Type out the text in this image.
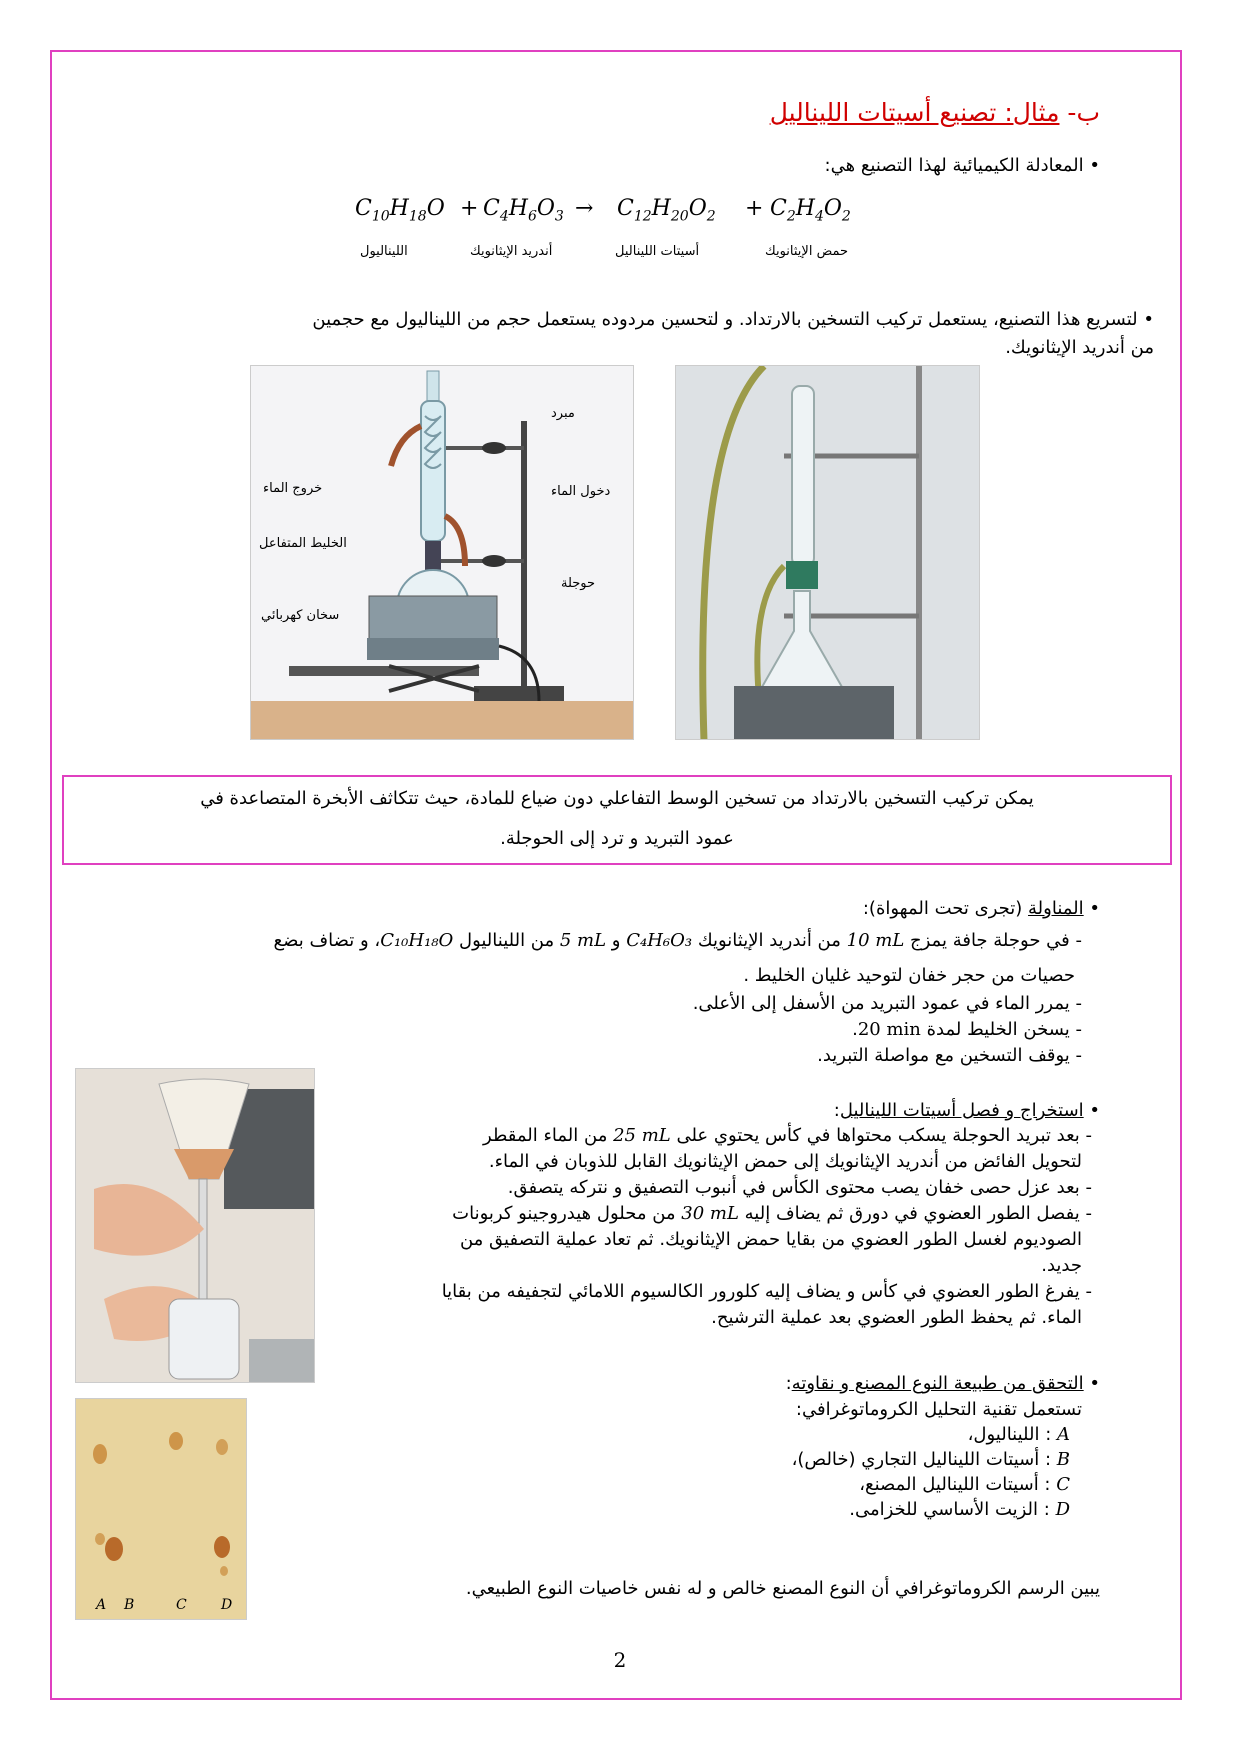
ب- مثال: تصنيع أسيتات الليناليل
• المعادلة الكيميائية لهذا التصنيع هي:
$C_{10}H_{18}O + C_4H_6O_3 \to C_{12}H_{20}O_2 + C_2H_4O_2$
الليناليول	أندريد الإيثانويك	أسيتات الليناليل	حمض الإيثانويك
• لتسريع هذا التصنيع، يستعمل تركيب التسخين بالارتداد. و لتحسين مردوده يستعمل حجم من الليناليول مع حجمين
من أندريد الإيثانويك.
مبرد
خروج الماء	دخول الماء
الخليط المتفاعل
حوجلة
سخان كهربائي
يمكن تركيب التسخين بالارتداد من تسخين الوسط التفاعلي دون ضياع للمادة، حيث تتكاثف الأبخرة المتصاعدة في
عمود التبريد و ترد إلى الحوجلة.
• المناولة (تجرى تحت المهواة):
- في حوجلة جافة يمزج 10 mL من أندريد الإيثانويك C₄H₆O₃ و 5 mL من الليناليول C₁₀H₁₈O، و تضاف بضع
حصيات من حجر خفان لتوحيد غليان الخليط .
- يمرر الماء في عمود التبريد من الأسفل إلى الأعلى.
- يسخن الخليط لمدة 20 min.
- يوقف التسخين مع مواصلة التبريد.
• استخراج و فصل أسيتات الليناليل:
- بعد تبريد الحوجلة يسكب محتواها في كأس يحتوي على 25 mL من الماء المقطر
لتحويل الفائض من أندريد الإيثانويك إلى حمض الإيثانويك القابل للذوبان في الماء.
- بعد عزل حصى خفان يصب محتوى الكأس في أنبوب التصفيق و نتركه يتصفق.
- يفصل الطور العضوي في دورق ثم يضاف إليه 30 mL من محلول هيدروجينو كربونات
الصوديوم لغسل الطور العضوي من بقايا حمض الإيثانويك. ثم تعاد عملية التصفيق من
جديد.
- يفرغ الطور العضوي في كأس و يضاف إليه كلورور الكالسيوم اللامائي لتجفيفه من بقايا
الماء. ثم يحفظ الطور العضوي بعد عملية الترشيح.
A B	C D
• التحقق من طبيعة النوع المصنع و نقاوته:
تستعمل تقنية التحليل الكروماتوغرافي:
A : الليناليول،
B : أسيتات الليناليل التجاري (خالص)،
C : أسيتات الليناليل المصنع،
D : الزيت الأساسي للخزامى.
يبين الرسم الكروماتوغرافي أن النوع المصنع خالص و له نفس خاصيات النوع الطبيعي.
2
